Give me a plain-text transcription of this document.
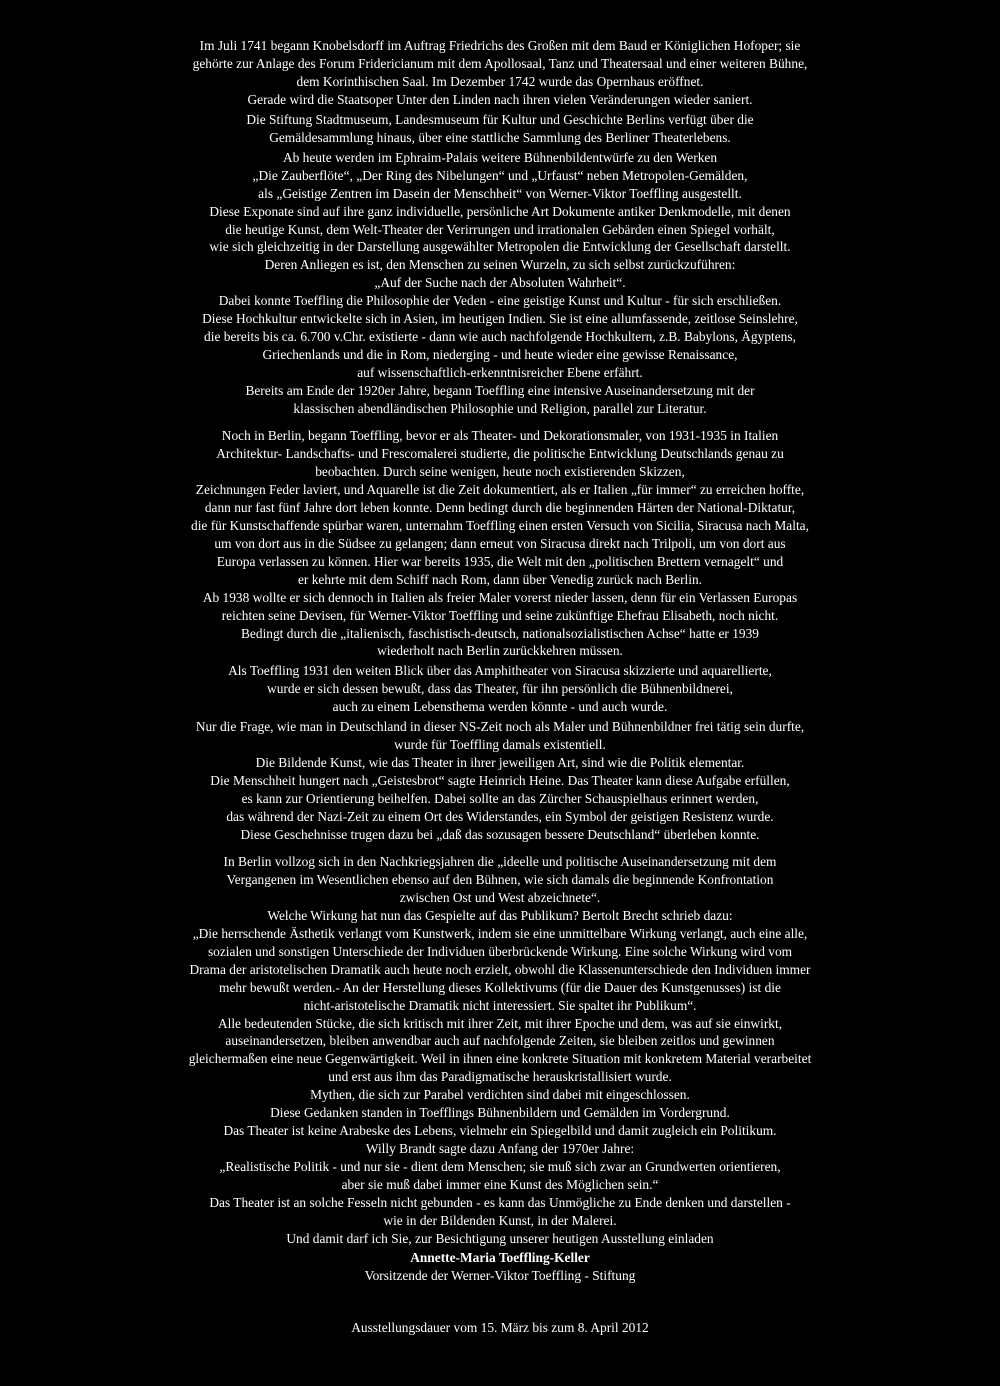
Im Juli 1741 begann Knobelsdorff im Auftrag Friedrichs des Großen mit dem Baud er Königlichen Hofoper; sie
gehörte zur Anlage des Forum Fridericianum mit dem Apollosaal, Tanz und Theatersaal und einer weiteren Bühne,
dem Korinthischen Saal. Im Dezember 1742 wurde das Opernhaus eröffnet.
Gerade wird die Staatsoper Unter den Linden nach ihren vielen Veränderungen wieder saniert.
Die Stiftung Stadtmuseum, Landesmuseum für Kultur und Geschichte Berlins verfügt über die
Gemäldesammlung hinaus, über eine stattliche Sammlung des Berliner Theaterlebens.
Ab heute werden im Ephraim-Palais weitere Bühnenbildentwürfe zu den Werken
„Die Zauberflöte“, „Der Ring des Nibelungen“ und „Urfaust“ neben Metropolen-Gemälden,
als „Geistige Zentren im Dasein der Menschheit“ von Werner-Viktor Toeffling ausgestellt.
Diese Exponate sind auf ihre ganz individuelle, persönliche Art Dokumente antiker Denkmodelle, mit denen
die heutige Kunst, dem Welt-Theater der Verirrungen und irrationalen Gebärden einen Spiegel vorhält,
wie sich gleichzeitig in der Darstellung ausgewählter Metropolen die Entwicklung der Gesellschaft darstellt.
Deren Anliegen es ist, den Menschen zu seinen Wurzeln, zu sich selbst zurückzuführen:
„Auf der Suche nach der Absoluten Wahrheit“.
Dabei konnte Toeffling die Philosophie der Veden - eine geistige Kunst und Kultur - für sich erschließen.
Diese Hochkultur entwickelte sich in Asien, im heutigen Indien. Sie ist eine allumfassende, zeitlose Seinslehre,
die bereits bis ca. 6.700 v.Chr. existierte - dann wie auch nachfolgende Hochkultern, z.B. Babylons, Ägyptens,
Griechenlands und die in Rom, niederging - und heute wieder eine gewisse Renaissance,
auf wissenschaftlich-erkenntnisreicher Ebene erfährt.
Bereits am Ende der 1920er Jahre, begann Toeffling eine intensive Auseinandersetzung mit der
klassischen abendländischen Philosophie und Religion, parallel zur Literatur.
Noch in Berlin, begann Toeffling, bevor er als Theater- und Dekorationsmaler, von 1931-1935 in Italien
Architektur- Landschafts- und Frescomalerei studierte, die politische Entwicklung Deutschlands genau zu
beobachten. Durch seine wenigen, heute noch existierenden Skizzen,
Zeichnungen Feder laviert, und Aquarelle ist die Zeit dokumentiert, als er Italien „für immer“ zu erreichen hoffte,
dann nur fast fünf Jahre dort leben konnte. Denn bedingt durch die beginnenden Härten der National-Diktatur,
die für Kunstschaffende spürbar waren, unternahm Toeffling einen ersten Versuch von Sicilia, Siracusa nach Malta,
um von dort aus in die Südsee zu gelangen; dann erneut von Siracusa direkt nach Trilpoli, um von dort aus
Europa verlassen zu können. Hier war bereits 1935, die Welt mit den „politischen Brettern vernagelt“ und
er kehrte mit dem Schiff nach Rom, dann über Venedig zurück nach Berlin.
Ab 1938 wollte er sich dennoch in Italien als freier Maler vorerst nieder lassen, denn für ein Verlassen Europas
reichten seine Devisen, für Werner-Viktor Toeffling und seine zukünftige Ehefrau Elisabeth, noch nicht.
Bedingt durch die „italienisch, faschistisch-deutsch, nationalsozialistischen Achse“ hatte er 1939
wiederholt nach Berlin zurückkehren müssen.
Als Toeffling 1931 den weiten Blick über das Amphitheater von Siracusa skizzierte und aquarellierte,
wurde er sich dessen bewußt, dass das Theater, für ihn persönlich die Bühnenbildnerei,
auch zu einem Lebensthema werden könnte - und auch wurde.
Nur die Frage, wie man in Deutschland in dieser NS-Zeit noch als Maler und Bühnenbildner frei tätig sein durfte,
wurde für Toeffling damals existentiell.
Die Bildende Kunst, wie das Theater in ihrer jeweiligen Art, sind wie die Politik elementar.
Die Menschheit hungert nach „Geistesbrot“ sagte Heinrich Heine. Das Theater kann diese Aufgabe erfüllen,
es kann zur Orientierung beihelfen. Dabei sollte an das Zürcher Schauspielhaus erinnert werden,
das während der Nazi-Zeit zu einem Ort des Widerstandes, ein Symbol der geistigen Resistenz wurde.
Diese Geschehnisse trugen dazu bei „daß das sozusagen bessere Deutschland“ überleben konnte.
In Berlin vollzog sich in den Nachkriegsjahren die „ideelle und politische Auseinandersetzung mit dem
Vergangenen im Wesentlichen ebenso auf den Bühnen, wie sich damals die beginnende Konfrontation
zwischen Ost und West abzeichnete“.
Welche Wirkung hat nun das Gespielte auf das Publikum? Bertolt Brecht schrieb dazu:
„Die herrschende Ästhetik verlangt vom Kunstwerk, indem sie eine unmittelbare Wirkung verlangt, auch eine alle,
sozialen und sonstigen Unterschiede der Individuen überbrückende Wirkung. Eine solche Wirkung wird vom
Drama der aristotelischen Dramatik auch heute noch erzielt, obwohl die Klassenunterschiede den Individuen immer
mehr bewußt werden.- An der Herstellung dieses Kollektivums (für die Dauer des Kunstgenusses) ist die
nicht-aristotelische Dramatik nicht interessiert. Sie spaltet ihr Publikum“.
Alle bedeutenden Stücke, die sich kritisch mit ihrer Zeit, mit ihrer Epoche und dem, was auf sie einwirkt,
auseinandersetzen, bleiben anwendbar auch auf nachfolgende Zeiten, sie bleiben zeitlos und gewinnen
gleichermaßen eine neue Gegenwärtigkeit. Weil in ihnen eine konkrete Situation mit konkretem Material verarbeitet
und erst aus ihm das Paradigmatische herauskristallisiert wurde.
Mythen, die sich zur Parabel verdichten sind dabei mit eingeschlossen.
Diese Gedanken standen in Toefflings Bühnenbildern und Gemälden im Vordergrund.
Das Theater ist keine Arabeske des Lebens, vielmehr ein Spiegelbild und damit zugleich ein Politikum.
Willy Brandt sagte dazu Anfang der 1970er Jahre:
„Realistische Politik - und nur sie - dient dem Menschen; sie muß sich zwar an Grundwerten orientieren,
aber sie muß dabei immer eine Kunst des Möglichen sein.“
Das Theater ist an solche Fesseln nicht gebunden - es kann das Unmögliche zu Ende denken und darstellen -
wie in der Bildenden Kunst, in der Malerei.
Und damit darf ich Sie, zur Besichtigung unserer heutigen Ausstellung einladen
Annette-Maria Toeffling-Keller
Vorsitzende der Werner-Viktor Toeffling - Stiftung
Ausstellungsdauer vom 15. März bis zum 8. April 2012
